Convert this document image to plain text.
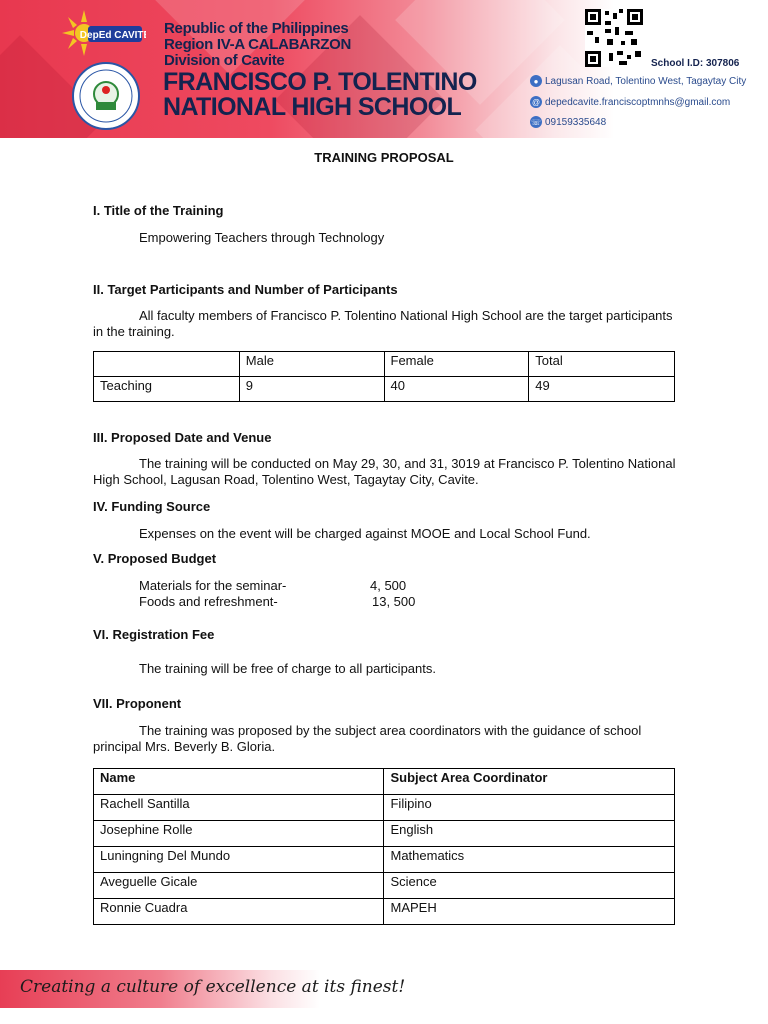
DepEd CAVITE Republic of the Philippines
Region IV-A CALABARZON
Division of Cavite
FRANCISCO P. TOLENTINO
NATIONAL HIGH SCHOOL
School I.D: 307806
● Lagusan Road, Tolentino West, Tagaytay City
@ depedcavite.franciscoptmnhs@gmail.com
☏ 09159335648
TRAINING PROPOSAL
I. Title of the Training
Empowering Teachers through Technology
II. Target Participants and Number of Participants
All faculty members of Francisco P. Tolentino National High School are the target participants in the training.
	Male	Female	Total
Teaching	9	40	49
III. Proposed Date and Venue
The training will be conducted on May 29, 30, and 31, 3019 at Francisco P. Tolentino National High School, Lagusan Road, Tolentino West, Tagaytay City, Cavite.
IV. Funding Source
Expenses on the event will be charged against MOOE and Local School Fund.
V. Proposed Budget
Materials for the seminar-	4, 500
Foods and refreshment-	13, 500
VI. Registration Fee
The training will be free of charge to all participants.
VII. Proponent
The training was proposed by the subject area coordinators with the guidance of school principal Mrs. Beverly B. Gloria.
Name	Subject Area Coordinator
Rachell Santilla	Filipino
Josephine Rolle	English
Luningning Del Mundo	Mathematics
Aveguelle Gicale	Science
Ronnie Cuadra	MAPEH
Creating a culture of excellence at its finest!
